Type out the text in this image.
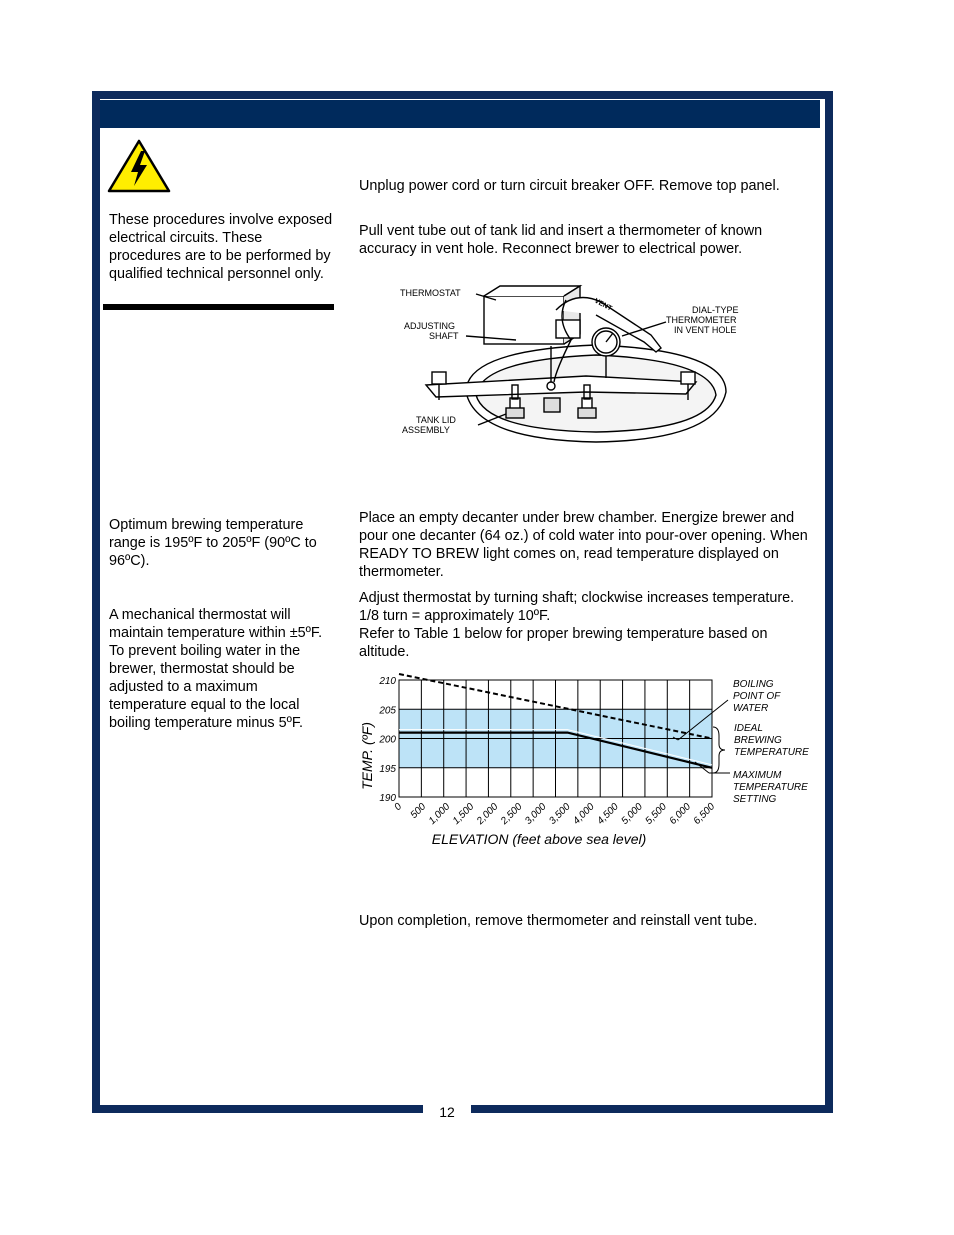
These procedures involve exposed electrical circuits. These procedures are to be performed by qualified technical personnel only.
Optimum brewing temperature range is 195ºF to 205ºF (90ºC to 96ºC).
A mechanical thermostat will maintain temperature within ±5ºF. To prevent boiling water in the brewer, thermostat should be adjusted to a maximum temperature equal to the local boiling temperature minus 5ºF.
Unplug power cord or turn circuit breaker OFF. Remove top panel.
Pull vent tube out of tank lid and insert a thermometer of known accuracy in vent hole. Reconnect brewer to electrical power.
THERMOSTAT
ADJUSTING
SHAFT
DIAL-TYPE
THERMOMETER
IN VENT HOLE
TANK LID
ASSEMBLY
VENT
Place an empty decanter under brew chamber. Energize brewer and pour one decanter (64 oz.) of cold water into pour-over opening. When READY TO BREW light comes on, read temperature displayed on thermometer.
Adjust thermostat by turning shaft; clockwise increases temperature. 1/8 turn = approximately 10ºF.
Refer to Table 1 below for proper brewing temperature based on altitude.
190
195
200
205
210
0 500
1,000
1,500
2,000
2,500
3,000
3,500
4,000
4,500
5,000
5,500
6,000
6,500
TEMP. (ºF)
ELEVATION (feet above sea level)
BOILING
POINT OF
WATER
IDEAL
BREWING
TEMPERATURE
MAXIMUM
TEMPERATURE
SETTING
Upon completion, remove thermometer and reinstall vent tube.
12
